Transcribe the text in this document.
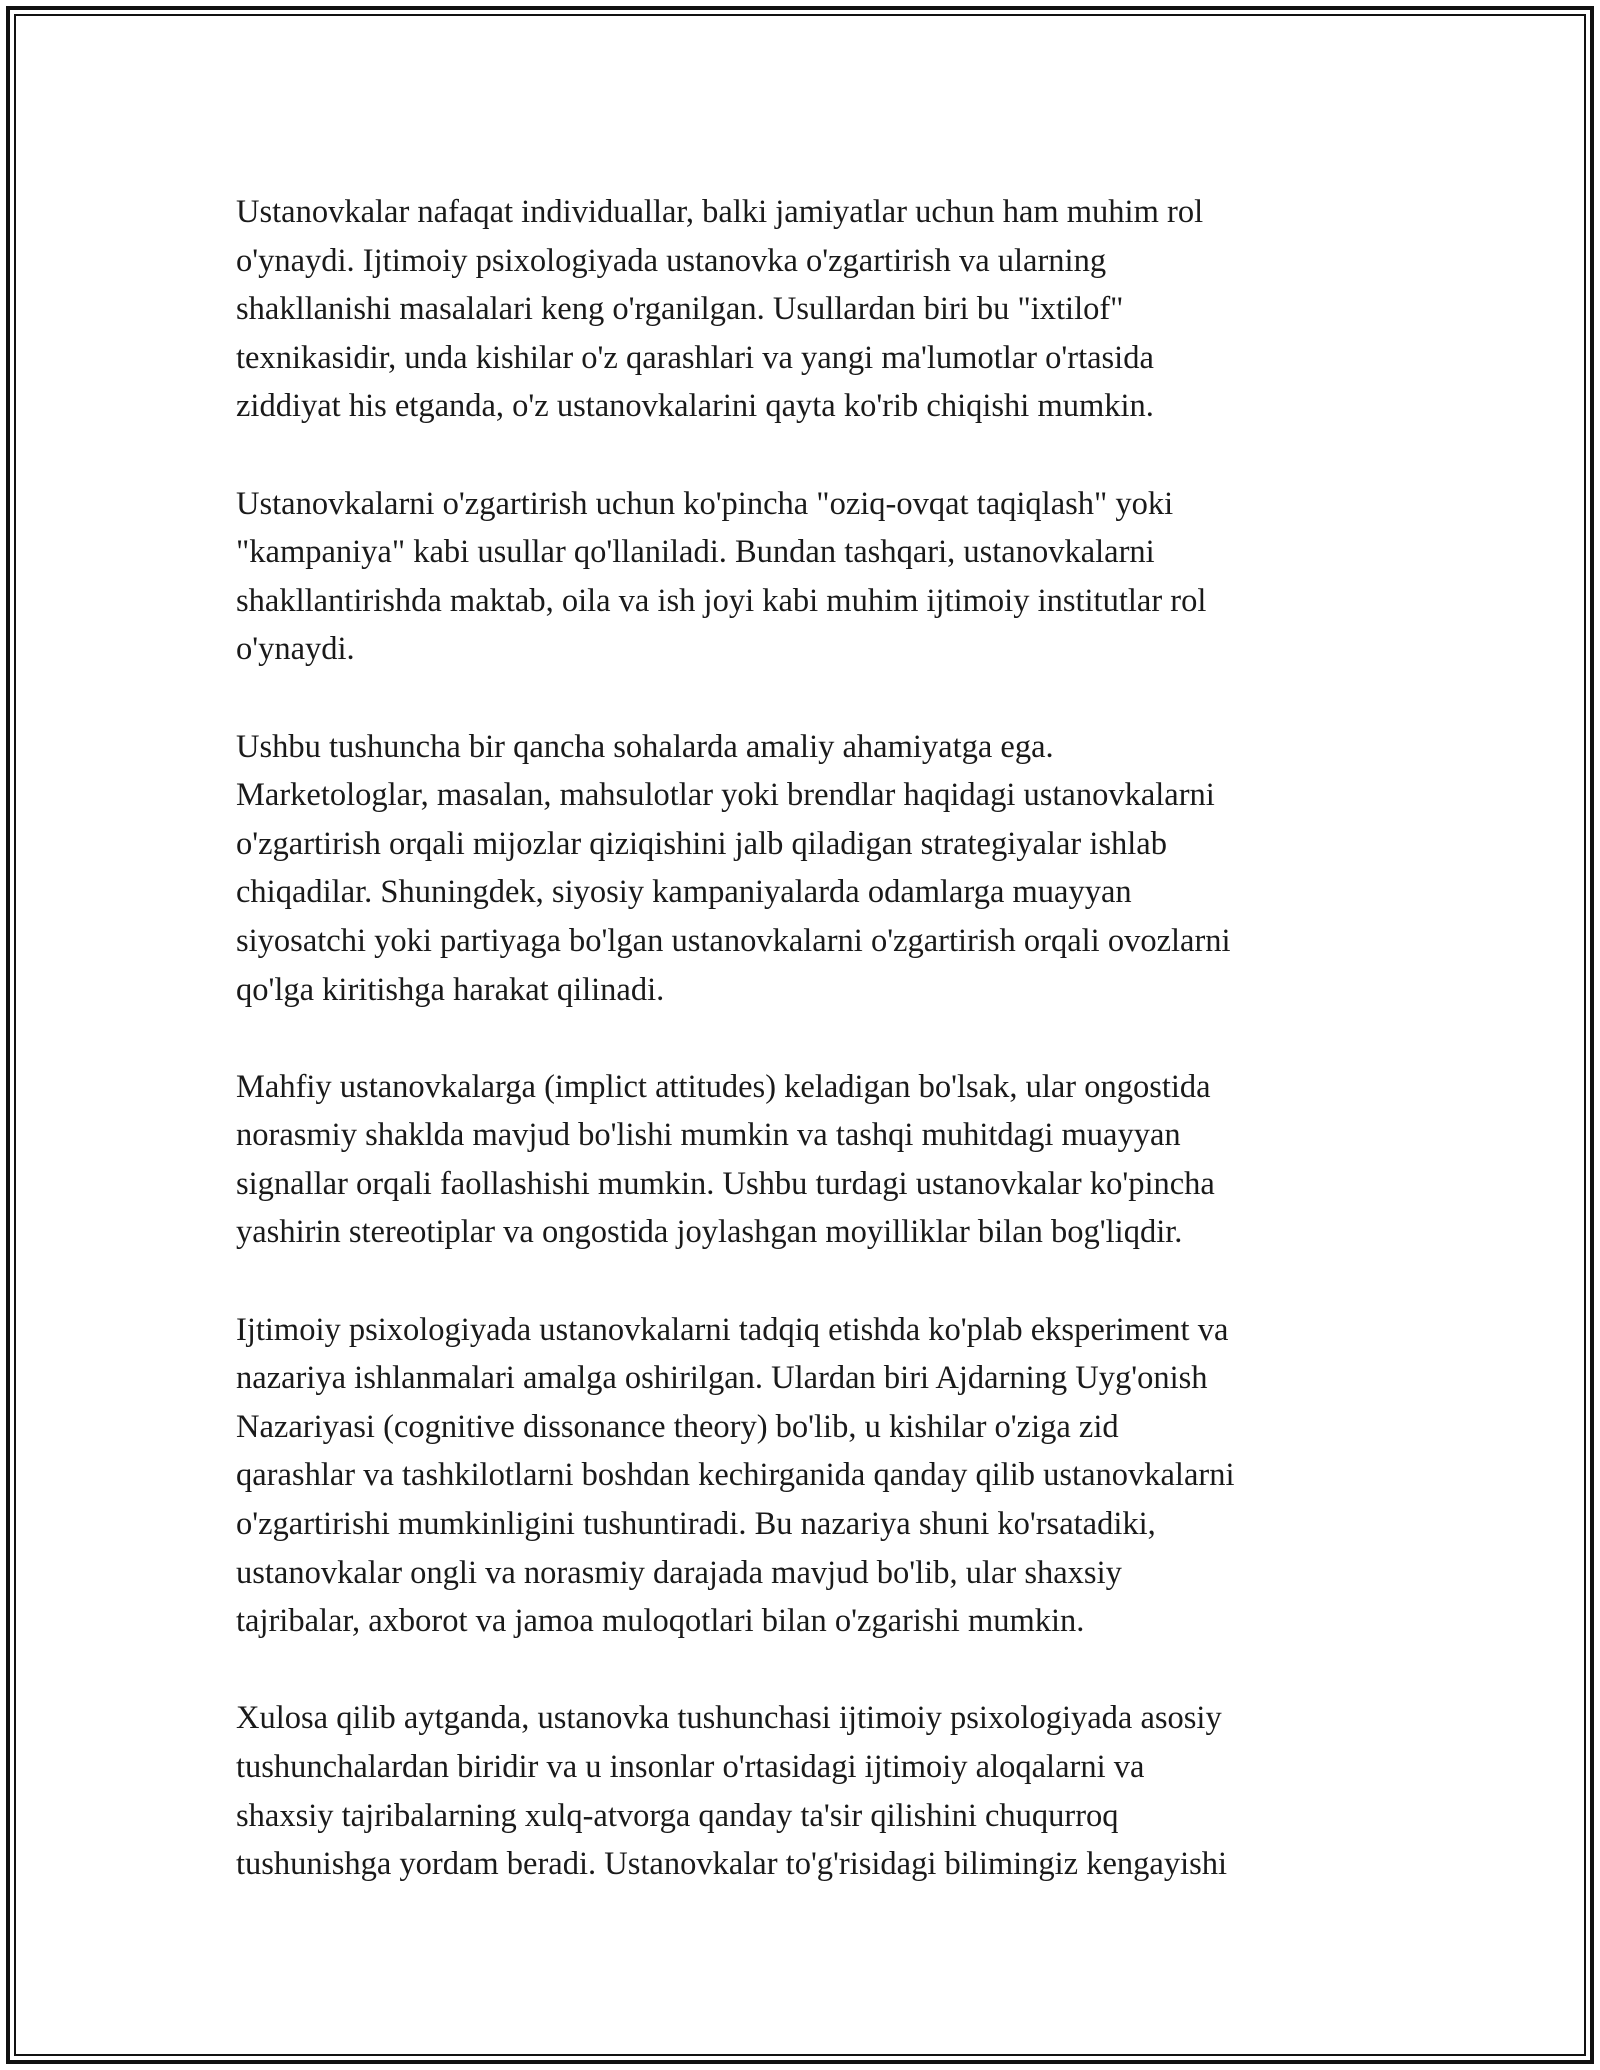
Ustanovkalar nafaqat individuallar, balki jamiyatlar uchun ham muhim rol
o'ynaydi. Ijtimoiy psixologiyada ustanovka o'zgartirish va ularning
shakllanishi masalalari keng o'rganilgan. Usullardan biri bu "ixtilof"
texnikasidir, unda kishilar o'z qarashlari va yangi ma'lumotlar o'rtasida
ziddiyat his etganda, o'z ustanovkalarini qayta ko'rib chiqishi mumkin.

Ustanovkalarni o'zgartirish uchun ko'pincha "oziq-ovqat taqiqlash" yoki
"kampaniya" kabi usullar qo'llaniladi. Bundan tashqari, ustanovkalarni
shakllantirishda maktab, oila va ish joyi kabi muhim ijtimoiy institutlar rol
o'ynaydi.

Ushbu tushuncha bir qancha sohalarda amaliy ahamiyatga ega.
Marketologlar, masalan, mahsulotlar yoki brendlar haqidagi ustanovkalarni
o'zgartirish orqali mijozlar qiziqishini jalb qiladigan strategiyalar ishlab
chiqadilar. Shuningdek, siyosiy kampaniyalarda odamlarga muayyan
siyosatchi yoki partiyaga bo'lgan ustanovkalarni o'zgartirish orqali ovozlarni
qo'lga kiritishga harakat qilinadi.

Mahfiy ustanovkalarga (implict attitudes) keladigan bo'lsak, ular ongostida
norasmiy shaklda mavjud bo'lishi mumkin va tashqi muhitdagi muayyan
signallar orqali faollashishi mumkin. Ushbu turdagi ustanovkalar ko'pincha
yashirin stereotiplar va ongostida joylashgan moyilliklar bilan bog'liqdir.

Ijtimoiy psixologiyada ustanovkalarni tadqiq etishda ko'plab eksperiment va
nazariya ishlanmalari amalga oshirilgan. Ulardan biri Ajdarning Uyg'onish
Nazariyasi (cognitive dissonance theory) bo'lib, u kishilar o'ziga zid
qarashlar va tashkilotlarni boshdan kechirganida qanday qilib ustanovkalarni
o'zgartirishi mumkinligini tushuntiradi. Bu nazariya shuni ko'rsatadiki,
ustanovkalar ongli va norasmiy darajada mavjud bo'lib, ular shaxsiy
tajribalar, axborot va jamoa muloqotlari bilan o'zgarishi mumkin.

Xulosa qilib aytganda, ustanovka tushunchasi ijtimoiy psixologiyada asosiy
tushunchalardan biridir va u insonlar o'rtasidagi ijtimoiy aloqalarni va
shaxsiy tajribalarning xulq-atvorga qanday ta'sir qilishini chuqurroq
tushunishga yordam beradi. Ustanovkalar to'g'risidagi bilimingiz kengayishi
